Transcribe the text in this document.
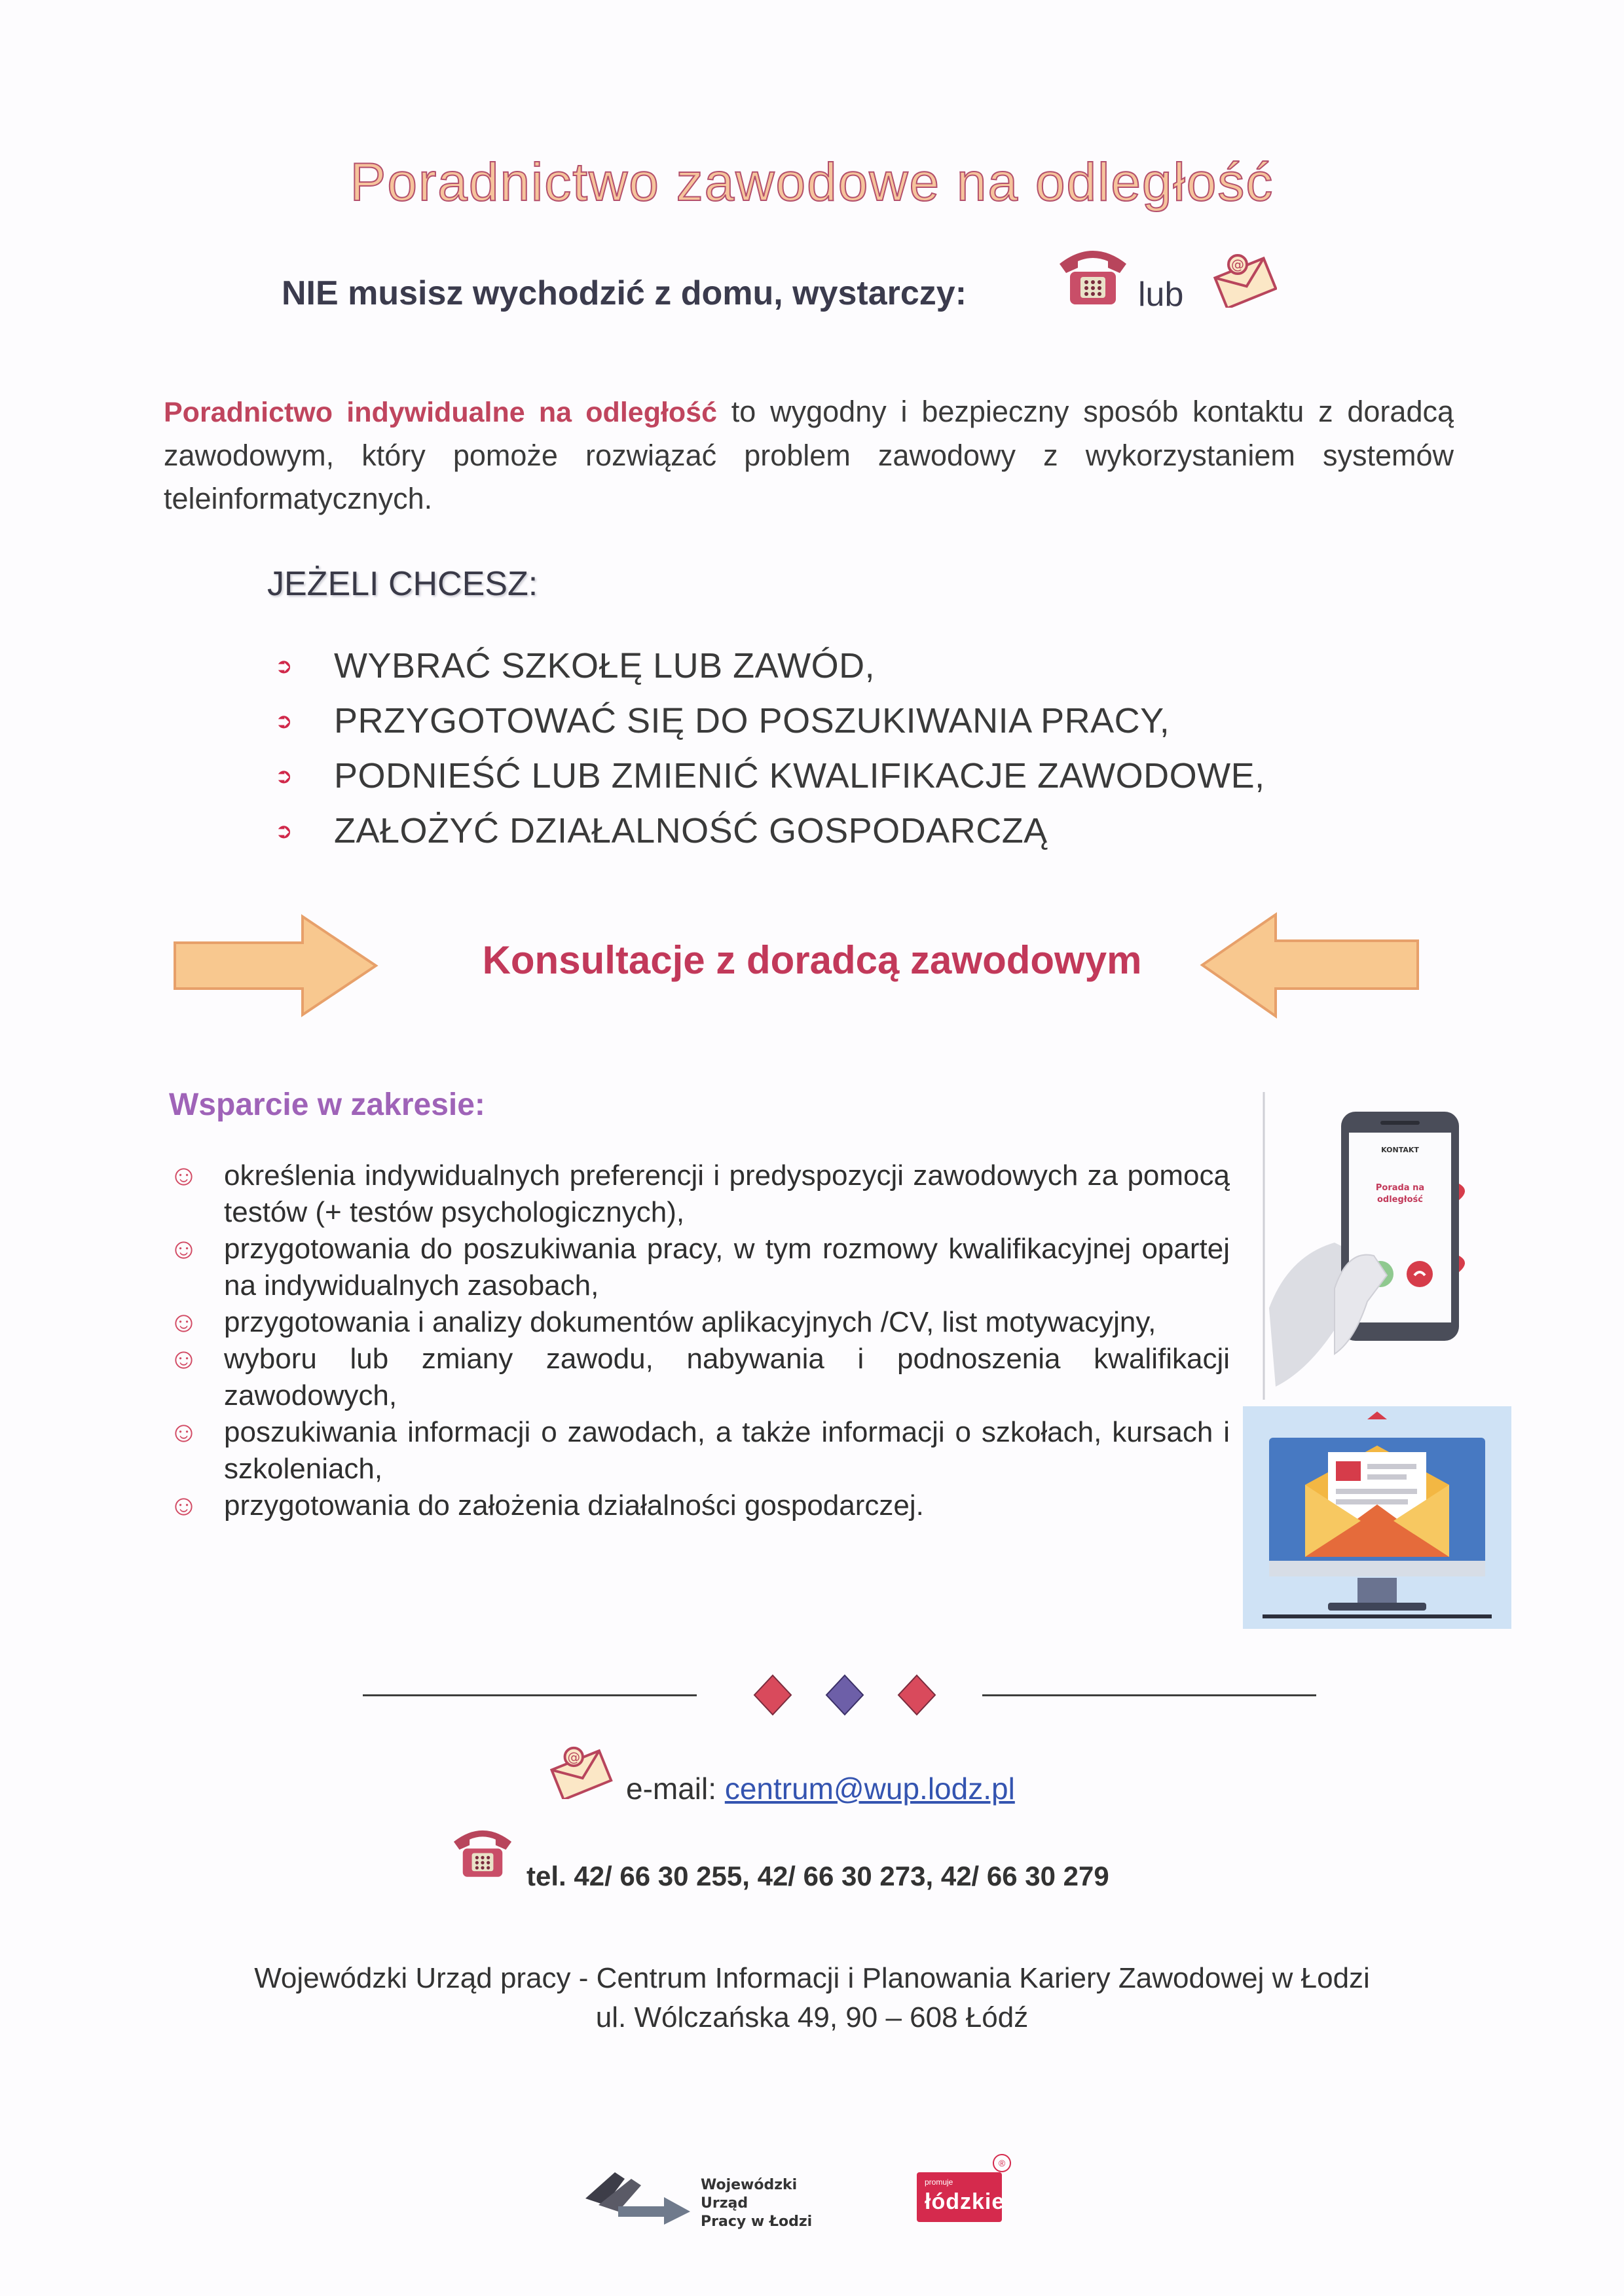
Poradnictwo zawodowe na odległość
NIE musisz wychodzić z domu, wystarczy:	lub
@
Poradnictwo indywidualne na odległość to wygodny i bezpieczny sposób kontaktu z doradcą zawodowym, który pomoże rozwiązać problem zawodowy z wykorzystaniem systemów teleinformatycznych.
JEŻELI CHCESZ:
➲	WYBRAĆ SZKOŁĘ LUB ZAWÓD,
➲	PRZYGOTOWAĆ SIĘ DO POSZUKIWANIA PRACY,
➲	PODNIEŚĆ LUB ZMIENIĆ KWALIFIKACJE ZAWODOWE,
➲	ZAŁOŻYĆ DZIAŁALNOŚĆ GOSPODARCZĄ
Konsultacje z doradcą zawodowym
Wsparcie w zakresie:
☺ określenia indywidualnych preferencji i predyspozycji zawodowych za pomocą testów (+ testów psychologicznych),
☺ przygotowania do poszukiwania pracy, w tym rozmowy kwalifikacyjnej opartej na indywidualnych zasobach,
☺ przygotowania i analizy dokumentów aplikacyjnych /CV, list motywacyjny,
☺ wyboru lub zmiany zawodu, nabywania i podnoszenia kwalifikacji zawodowych,
☺ poszukiwania informacji o zawodach, a także informacji o szkołach, kursach i szkoleniach,
☺ przygotowania do założenia działalności gospodarczej.
KONTAKT
Porada na
odległość
@
e-mail: centrum@wup.lodz.pl
tel. 42/ 66 30 255, 42/ 66 30 273, 42/ 66 30 279
Wojewódzki Urząd pracy - Centrum Informacji i Planowania Kariery Zawodowej w Łodzi
ul. Wólczańska 49, 90 – 608 Łódź
Wojewódzki Urząd
Pracy w Łodzi
promuje
łódzkie
®
